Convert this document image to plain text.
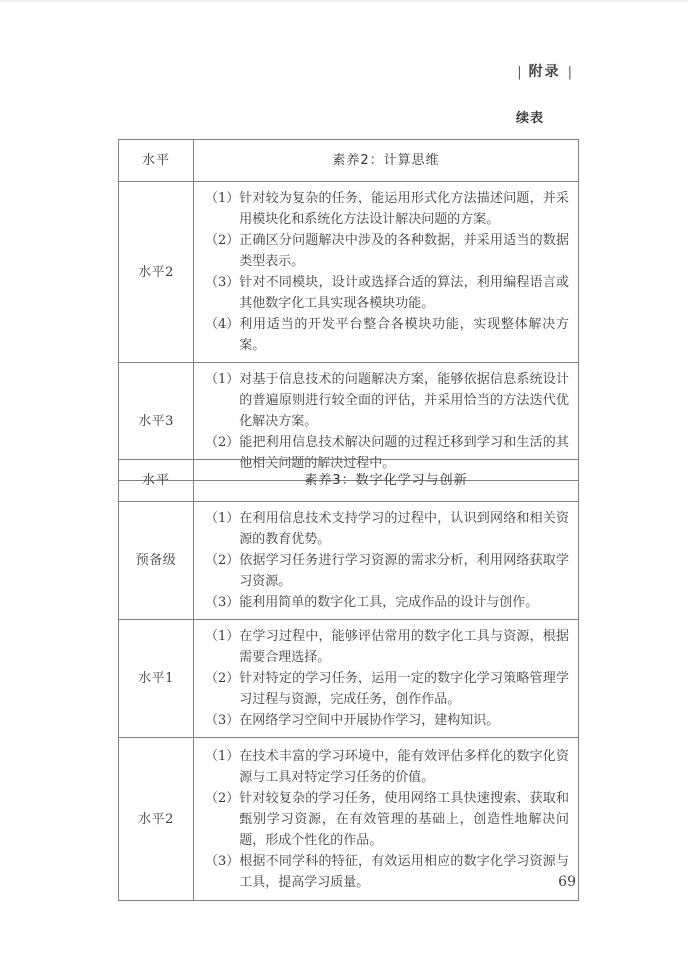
| 附录 |
续表
水平	素养2：计算思维
水平2	
（1） 针对较为复杂的任务，能运用形式化方法描述问题，并采用模块化和系统化方法设计解决问题的方案。
（2） 正确区分问题解决中涉及的各种数据，并采用适当的数据类型表示。
（3） 针对不同模块，设计或选择合适的算法，利用编程语言或其他数字化工具实现各模块功能。
（4） 利用适当的开发平台整合各模块功能，实现整体解决方案。

水平3	（1） 对基于信息技术的问题解决方案，能够依据信息系统设计的普遍原则进行较全面的评估，并采用恰当的方法迭代优化解决方案。
（2） 能把利用信息技术解决问题的过程迁移到学习和生活的其他相关问题的解决过程中。
水平	素养3：数字化学习与创新
预备级	
（1） 在利用信息技术支持学习的过程中，认识到网络和相关资源的教育优势。
（2） 依据学习任务进行学习资源的需求分析，利用网络获取学习资源。
（3） 能利用简单的数字化工具，完成作品的设计与创作。

水平1	
（1） 在学习过程中，能够评估常用的数字化工具与资源，根据需要合理选择。
（2） 针对特定的学习任务，运用一定的数字化学习策略管理学习过程与资源，完成任务，创作作品。
（3） 在网络学习空间中开展协作学习，建构知识。

水平2	
（1） 在技术丰富的学习环境中，能有效评估多样化的数字化资源与工具对特定学习任务的价值。
（2） 针对较复杂的学习任务，使用网络工具快速搜索、获取和甄别学习资源，在有效管理的基础上，创造性地解决问题，形成个性化的作品。
（3） 根据不同学科的特征，有效运用相应的数字化学习资源与工具，提高学习质量。	69
